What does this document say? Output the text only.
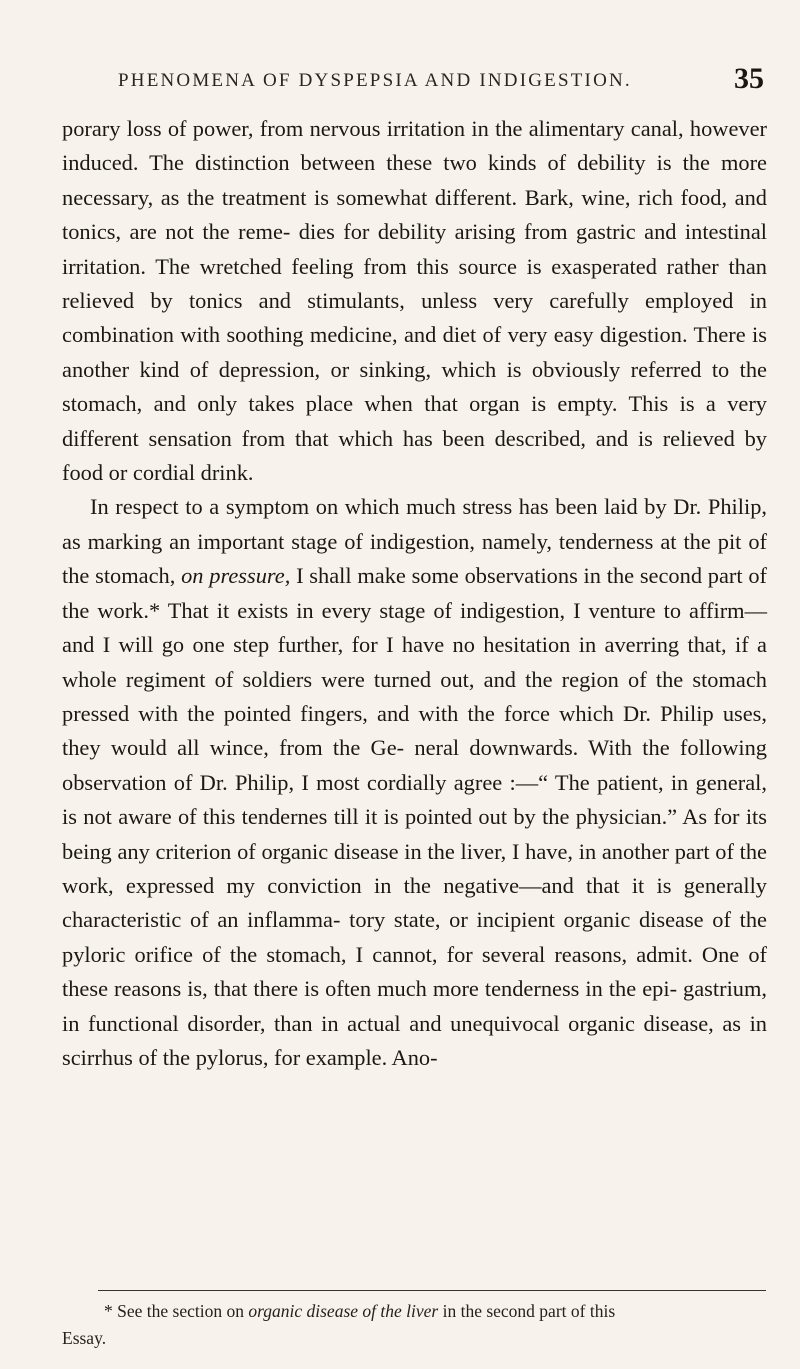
PHENOMENA OF DYSPEPSIA AND INDIGESTION.	35

porary loss of power, from nervous irritation in the alimentary canal, however induced. The distinction between these two kinds of debility is the more necessary, as the treatment is somewhat different. Bark, wine, rich food, and tonics, are not the reme- dies for debility arising from gastric and intestinal irritation. The wretched feeling from this source is exasperated rather than relieved by tonics and stimulants, unless very carefully employed in combination with soothing medicine, and diet of very easy digestion. There is another kind of depression, or sinking, which is obviously referred to the stomach, and only takes place when that organ is empty. This is a very different sensation from that which has been described, and is relieved by food or cordial drink.

In respect to a symptom on which much stress has been laid by Dr. Philip, as marking an important stage of indigestion, namely, tenderness at the pit of the stomach, on pressure, I shall make some observations in the second part of the work.* That it exists in every stage of indigestion, I venture to affirm—and I will go one step further, for I have no hesitation in averring that, if a whole regiment of soldiers were turned out, and the region of the stomach pressed with the pointed fingers, and with the force which Dr. Philip uses, they would all wince, from the Ge- neral downwards. With the following observation of Dr. Philip, I most cordially agree :—“ The patient, in general, is not aware of this tendernes till it is pointed out by the physician.” As for its being any criterion of organic disease in the liver, I have, in another part of the work, expressed my conviction in the negative—and that it is generally characteristic of an inflamma- tory state, or incipient organic disease of the pyloric orifice of the stomach, I cannot, for several reasons, admit. One of these reasons is, that there is often much more tenderness in the epi- gastrium, in functional disorder, than in actual and unequivocal organic disease, as in scirrhus of the pylorus, for example. Ano-

* See the section on organic disease of the liver in the second part of this
Essay.
